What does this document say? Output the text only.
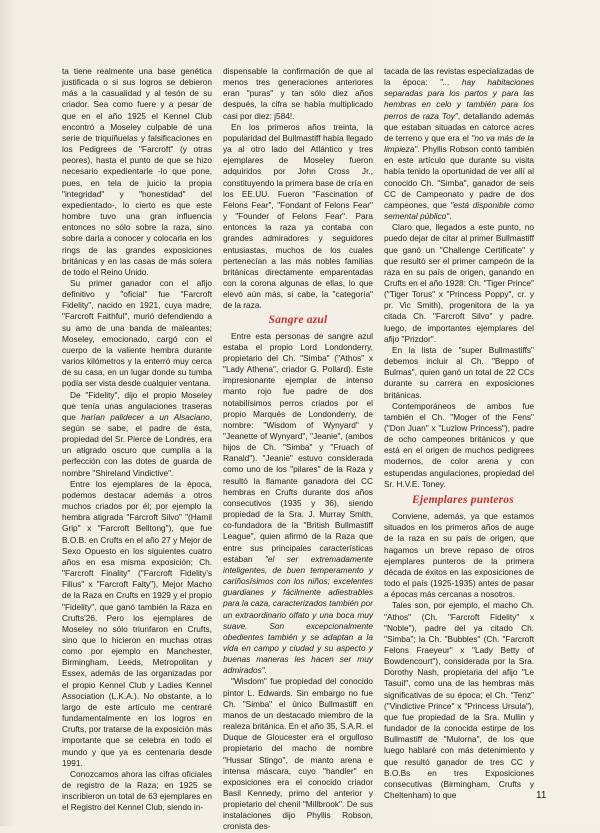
ta tiene realmente una base genética justificada o si sus logros se debieron más a la casualidad y al tesón de su criador. Sea como fuere y a pesar de que en el año 1925 el Kennel Club encontró a Moseley culpable de una serie de triquiñuelas y falsificaciones en los Pedigrees de "Farcroft" (y otras peores), hasta el punto de que se hizo necesario expedientarle -lo que pone, pues, en tela de juicio la propia "integridad" y "honestidad" del expedientado-, lo cierto es que este hombre tuvo una gran influencia entonces no sólo sobre la raza, sino sobre darla a conocer y colocarla en los rings de las grandes exposiciones británicas y en las casas de más solera de todo el Reino Unido.

Su primer ganador con el afijo definitivo y "oficial" fue "Farcroft Fidelity", nacido en 1921, cuya madre, "Farcroft Faithful", murió defendiendo a su amo de una banda de maleantes; Moseley, emocionado, cargó con el cuerpo de la valiente hembra durante varios kilómetros y la enterró muy cerca de su casa, en un lugar donde su tumba podía ser vista desde cualquier ventana.

De "Fidelity", dijo el propio Moseley que tenía unas angulaciones traseras que harían palidecer a un Alsaciano, según se sabe, el padre de ésta, propiedad del Sr. Pierce de Londres, era un atigrado oscuro que cumplía a la perfección con las dotes de guarda de nombre "Shireland Vindictive".

Entre los ejemplares de la época, podemos destacar además a otros muchos criados por él; por ejemplo la hembra atigrada "Farcroft Silvo" "(Hamil Grip" x "Farcroft Belltong"), que fue B.O.B. en Crufts en el año 27 y Mejor de Sexo Opuesto en los siguientes cuatro años en esa misma exposición; Ch. "Farcroft Finality" ("Farcroft Fidelity's Filius" x "Farcroft Falty"), Mejor Macho de la Raza en Crufts en 1929 y el propio "Fidelity", que ganó también la Raza en Crufts'26. Pero los ejemplares de Moseley no sólo triunfaron en Crufts, sino que lo hicieron en muchas otras como por ejemplo en Manchester, Birmingham, Leeds, Metropolitan y Essex, además de las organizadas por el propio Kennel Club y Ladies Kennel Association (L.K.A.). No obstante, a lo largo de este artículo me centraré fundamentalmente en los logros en Crufts, por tratarse de la exposición más importante que se celebra en todo el mundo y que ya es centenaria desde 1991.

Conozcamos ahora las cifras oficiales de registro de la Raza; en 1925 se inscribieron un total de 63 ejemplares en el Registro del Kennel Club, siendo in-

dispensable la confirmación de que al menos tres generaciones anteriores eran "puras" y tan sólo diez años después, la cifra se había multiplicado casi por diez: j584!.

En los primeros años treinta, la popularidad del Bullmastiff había llegado ya al otro lado del Atlántico y tres ejemplares de Moseley fueron adquiridos por John Cross Jr., constituyendo la primera base de cría en los EE.UU. Fueron "Fascination of Felons Fear", "Fondant of Felons Fear" y "Founder of Felons Fear". Para entonces la raza ya contaba con grandes admiradores y seguidores entusiastas, muchos de los cuales pertenecían a las más nobles familias británicas directamente emparentadas con la corona algunas de ellas, lo que elevó aún más, si cabe, la "categoría" de la raza.

Sangre azul

Entre esta personas de sangre azul estaba el propio Lord Londonderry, propietario del Ch. "Simba" ("Athos" x "Lady Athena", criador G. Pollard). Este impresionante ejemplar de intenso manto rojo fue padre de dos notabilísimos perros criados por el propio Marqués de Londonderry, de nombre: "Wisdom of Wynyard" y "Jeanette of Wynyard", "Jeanie", (ambos hijos de Ch. "Simba" y "Fruach of Ranald"). "Jeanie" estuvo considerada como uno de los "pilares" de la Raza y resultó la flamante ganadora del CC hembras en Crufts durante dos años consecutivos (1935 y 36), siendo propiedad de la Sra. J. Murray Smith, co-fundadora de la "British Bullmastiff League", quien afirmó de la Raza que entre sus principales características estaban "el ser extremadamente inteligentes, de buen temperamento y cariñosísimos con los niños; excelentes guardianes y fácilmente adiestrables para la caza, caracterizados también por un extraordinario olfato y una boca muy suave. Son excepcionalmente obedientes también y se adaptan a la vida en campo y ciudad y su aspecto y buenas maneras les hacen ser muy admirados".

"Wisdom" fue propiedad del conocido pintor L. Edwards. Sin embargo no fue Ch. "Simba" el único Bullmastiff en manos de un destacado miembro de la realeza británica. En el año 35, S.A.R. el Duque de Gloucester era el orgulloso propietario del macho de nombre "Hussar Stingo", de manto arena e intensa máscara, cuyo "handler" en exposiciones era el conocido criador Basil Kennedy, primo del anterior y propietario del chenil "Millbrook". De sus instalaciones dijo Phyllis Robson, cronista des-

tacada de las revistas especializadas de la época: "... hay habitaciones separadas para los partos y para las hembras en celo y también para los perros de raza Toy", detallando además que estaban situadas en catorce acres de terreno y que era el "no va más de la limpieza". Phyllis Robson contó también en este artículo que durante su visita había tenido la oportunidad de ver allí al conocido Ch. "Simba", ganador de seis CC de Campeonato y padre de dos campeones, que "está disponible como semental público".

Claro que, llegados a este punto, no puedo dejar de citar al primer Bullmastiff que ganó un "Challenge Certificate" y que resultó ser el primer campeón de la raza en su país de origen, ganando en Crufts en el año 1928: Ch. "Tiger Prince" ("Tiger Torus" x "Princess Poppy", cr. y pr. Vic Smith), progenitora de la ya citada Ch. "Farcroft Silvo" y padre. luego, de importantes ejemplares del afijo "Prizdor".

En la lista de "super Bullmastiffs" debemos incluir al Ch. "Beppo of Bulmas", quien ganó un total de 22 CCs durante su carrera en exposiciones británicas.

Contemporáneos de ambos fue también el Ch. "Moger of the Fens" ("Don Juan" x "Luzlow Princess"), padre de ocho campeones británicos y que está en el origen de muchos pedigrees modernos, de color arena y con estupendas angulaciones, propiedad del Sr. H.V.E. Toney.

Ejemplares punteros

Conviene, además, ya que estamos situados en los primeros años de auge de la raza en su país de origen, que hagamos un breve repaso de otros ejemplares punteros de la primera década de éxitos en las exposiciones de todo el país (1925-1935) antes de pasar a épocas más cercanas a nosotros.

Tales son, por ejemplo, el macho Ch. "Athos" (Ch. "Farcroft Fidelity" x "Noble"), padre del ya citado Ch. "Simba"; la Ch. "Bubbles" (Ch. "Farcroft Felons Fraeyeur" x "Lady Betty of Bowdencourt"), considerada por la Sra. Dorothy Nash, propietaria del afijo "Le Tasuil", como una de las hembras más significativas de su época; el Ch. "Tenz" ("Vindictive Prince" x "Princess Ursula"), que fue propiedad de la Sra. Mullin y fundador de la conocida estirpe de los Bullmastiff de "Mulorna", de los que luego hablaré con más detenimiento y que resultó ganador de tres CC y B.O.Bs en tres Exposiciones consecutivas (Birmingham, Crufts y Cheltenham) lo que	11
